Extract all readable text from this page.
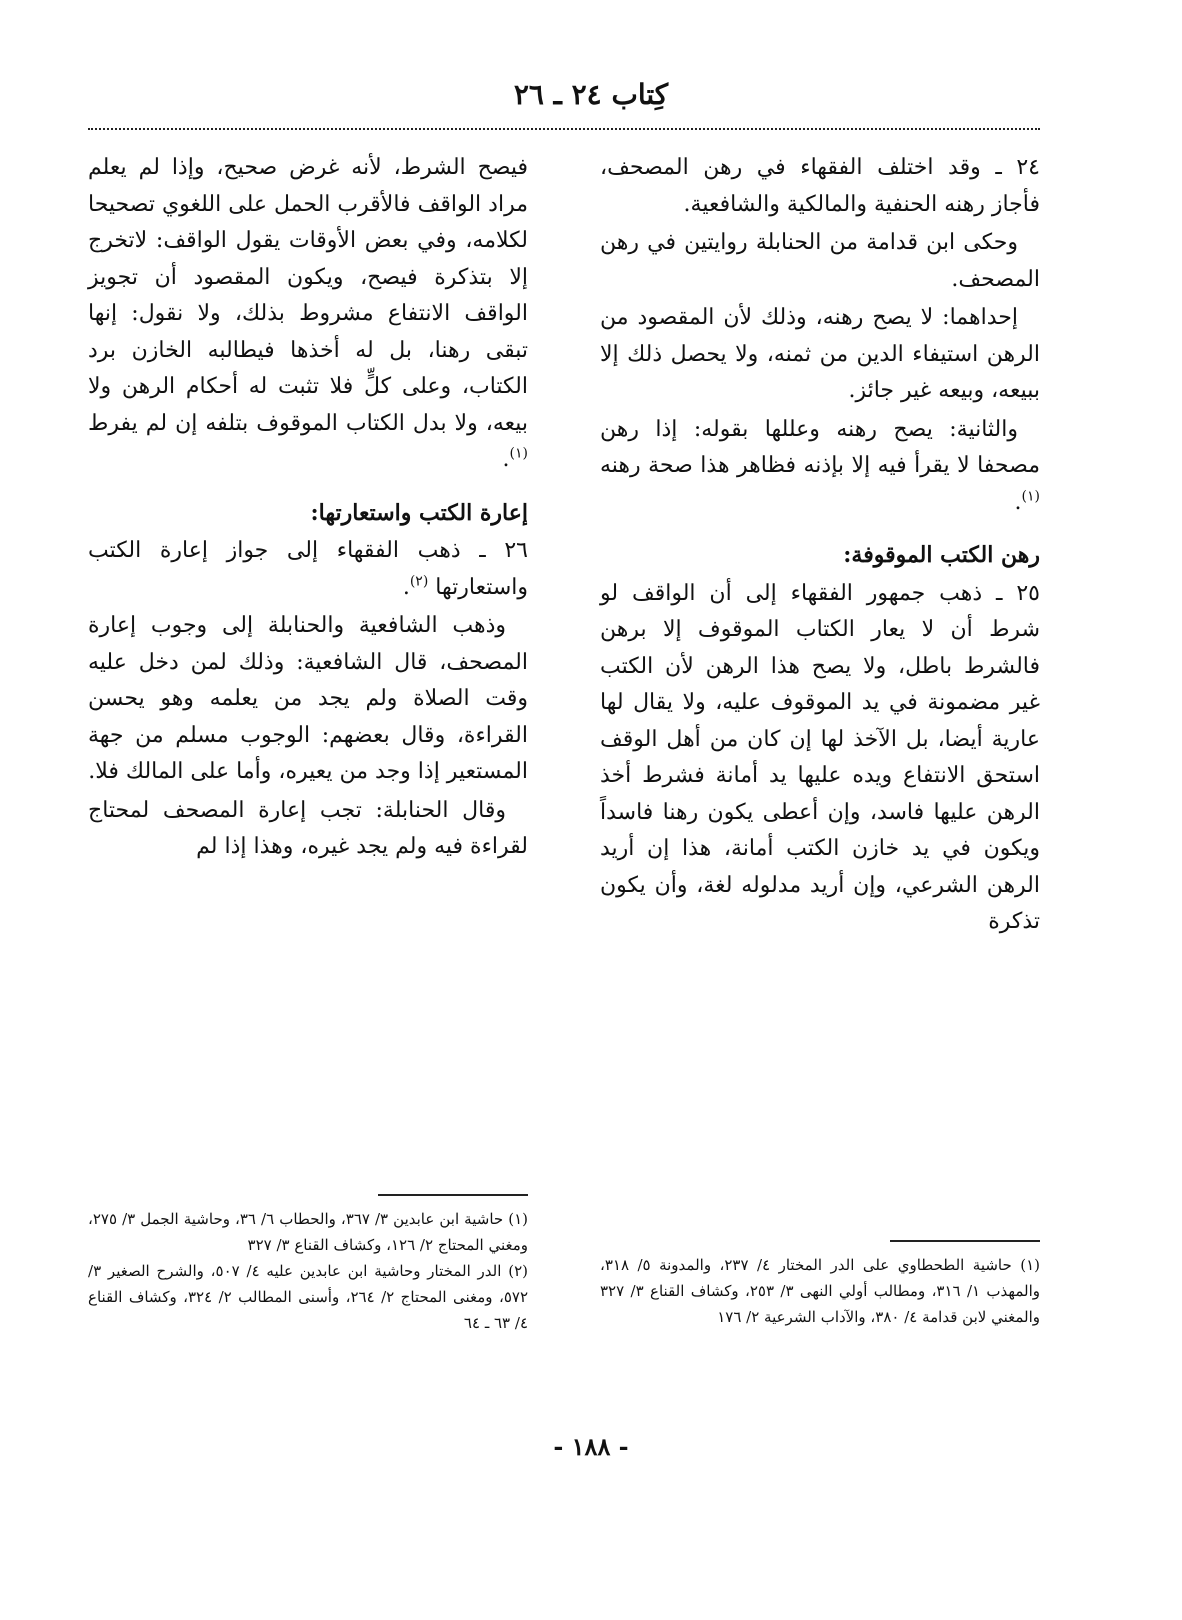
كِتاب ٢٤ ـ ٢٦

٢٤ ـ وقد اختلف الفقهاء في رهن المصحف، فأجاز رهنه الحنفية والمالكية والشافعية.

وحكى ابن قدامة من الحنابلة روايتين في رهن المصحف.

إحداهما: لا يصح رهنه، وذلك لأن المقصود من الرهن استيفاء الدين من ثمنه، ولا يحصل ذلك إلا ببيعه، وبيعه غير جائز.

والثانية: يصح رهنه وعللها بقوله: إذا رهن مصحفا لا يقرأ فيه إلا بإذنه فظاهر هذا صحة رهنه $^{(١)}$.

رهن الكتب الموقوفة:

٢٥ ـ ذهب جمهور الفقهاء إلى أن الواقف لو شرط أن لا يعار الكتاب الموقوف إلا برهن فالشرط باطل، ولا يصح هذا الرهن لأن الكتب غير مضمونة في يد الموقوف عليه، ولا يقال لها عارية أيضا، بل الآخذ لها إن كان من أهل الوقف استحق الانتفاع ويده عليها يد أمانة فشرط أخذ الرهن عليها فاسد، وإن أعطى يكون رهنا فاسداً ويكون في يد خازن الكتب أمانة، هذا إن أريد الرهن الشرعي، وإن أريد مدلوله لغة، وأن يكون تذكرة

فيصح الشرط، لأنه غرض صحيح، وإذا لم يعلم مراد الواقف فالأقرب الحمل على اللغوي تصحيحا لكلامه، وفي بعض الأوقات يقول الواقف: لاتخرج إلا بتذكرة فيصح، ويكون المقصود أن تجويز الواقف الانتفاع مشروط بذلك، ولا نقول: إنها تبقى رهنا، بل له أخذها فيطالبه الخازن برد الكتاب، وعلى كلٍّ فلا تثبت له أحكام الرهن ولا بيعه، ولا بدل الكتاب الموقوف بتلفه إن لم يفرط $^{(١)}$.

إعارة الكتب واستعارتها:

٢٦ ـ ذهب الفقهاء إلى جواز إعارة الكتب واستعارتها $^{(٢)}$.

وذهب الشافعية والحنابلة إلى وجوب إعارة المصحف، قال الشافعية: وذلك لمن دخل عليه وقت الصلاة ولم يجد من يعلمه وهو يحسن القراءة، وقال بعضهم: الوجوب مسلم من جهة المستعير إذا وجد من يعيره، وأما على المالك فلا.

وقال الحنابلة: تجب إعارة المصحف لمحتاج لقراءة فيه ولم يجد غيره، وهذا إذا لم

(١) حاشية الطحطاوي على الدر المختار ٤/ ٢٣٧، والمدونة ٥/ ٣١٨، والمهذب ١/ ٣١٦، ومطالب أولي النهى ٣/ ٢٥٣، وكشاف القناع ٣/ ٣٢٧ والمغني لابن قدامة ٤/ ٣٨٠، والآداب الشرعية ٢/ ١٧٦

(١) حاشية ابن عابدين ٣/ ٣٦٧، والحطاب ٦/ ٣٦، وحاشية الجمل ٣/ ٢٧٥، ومغني المحتاج ٢/ ١٢٦، وكشاف القناع ٣/ ٣٢٧

(٢) الدر المختار وحاشية ابن عابدين عليه ٤/ ٥٠٧، والشرح الصغير ٣/ ٥٧٢، ومغنى المحتاج ٢/ ٢٦٤، وأسنى المطالب ٢/ ٣٢٤، وكشاف القناع ٤/ ٦٣ ـ ٦٤

- ١٨٨ -
